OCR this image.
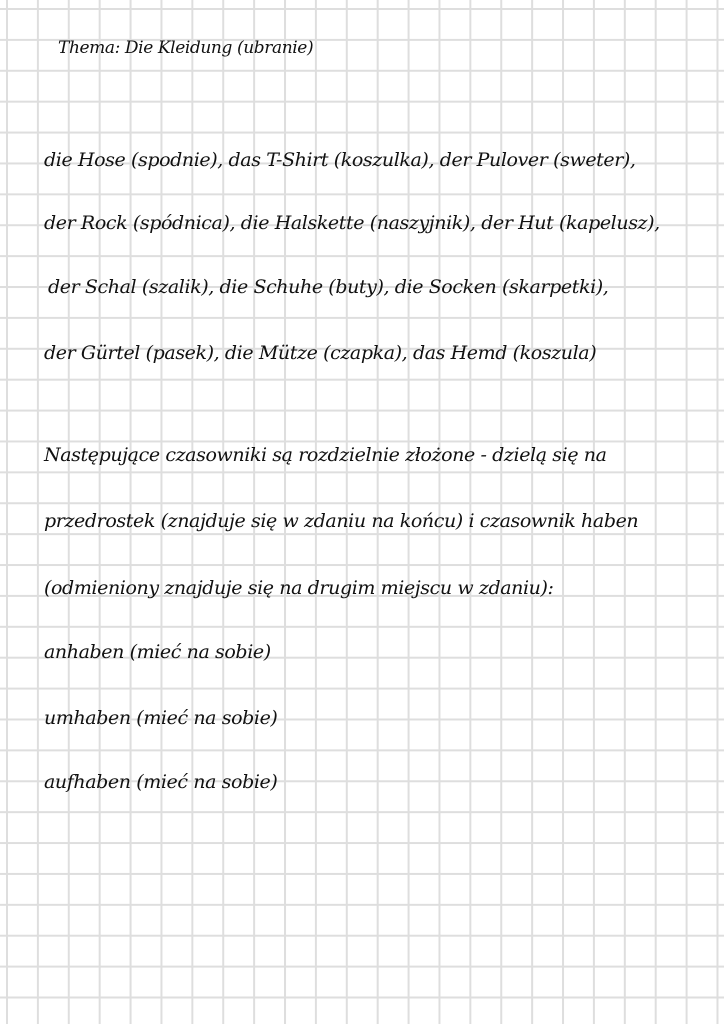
Thema: Die Kleidung (ubranie)
die Hose (spodnie), das T-Shirt (koszulka), der Pulover (sweter),
der Rock (spódnica), die Halskette (naszyjnik), der Hut (kapelusz),
der Schal (szalik), die Schuhe (buty), die Socken (skarpetki),
der Gürtel (pasek), die Mütze (czapka), das Hemd (koszula)
Następujące czasowniki są rozdzielnie złożone - dzielą się na
przedrostek (znajduje się w zdaniu na końcu) i czasownik haben
(odmieniony znajduje się na drugim miejscu w zdaniu):
anhaben (mieć na sobie)
umhaben (mieć na sobie)
aufhaben (mieć na sobie)
